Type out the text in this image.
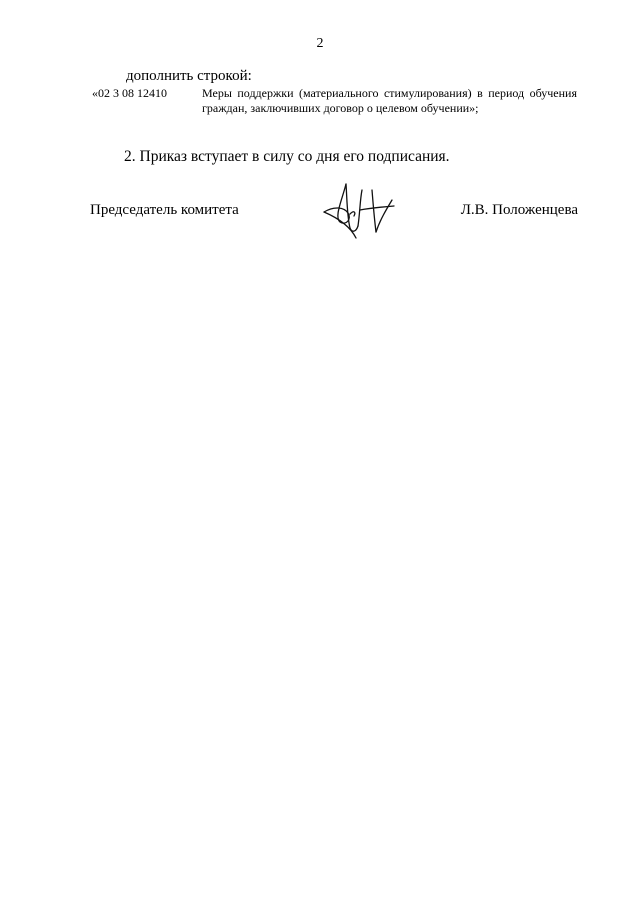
2
дополнить строкой:
«02 3 08 12410	Меры поддержки (материального стимулирования) в период обучения граждан, заключивших договор о целевом обучении»;
2. Приказ вступает в силу со дня его подписания.
Председатель комитета	Л.В. Положенцева
